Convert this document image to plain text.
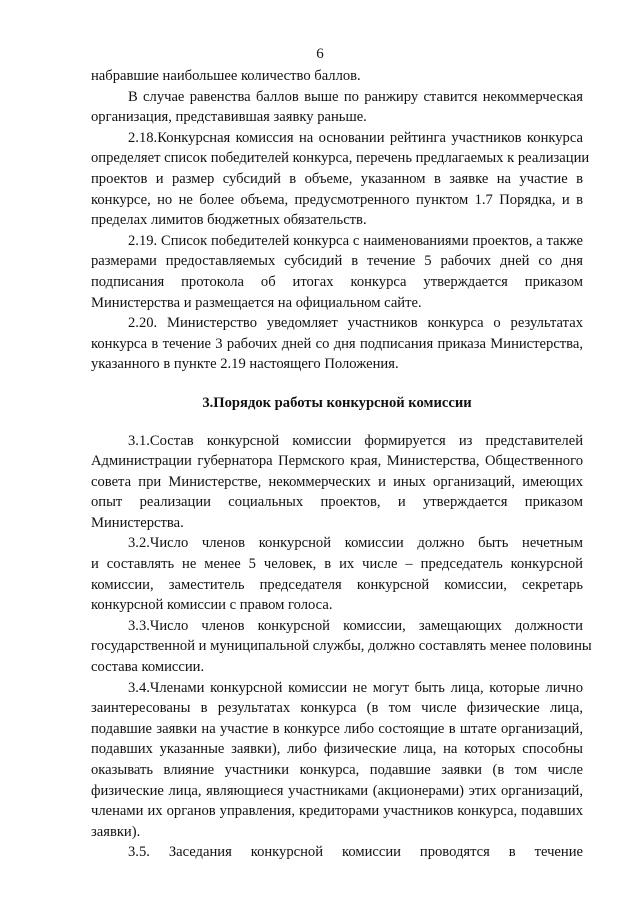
6

набравшие наибольшее количество баллов.

В случае равенства баллов выше по ранжиру ставится некоммерческая
организация, представившая заявку раньше.

2.18.Конкурсная комиссия на основании рейтинга участников конкурса
определяет список победителей конкурса, перечень предлагаемых к реализации
проектов и размер субсидий в объеме, указанном в заявке на участие в
конкурсе, но не более объема, предусмотренного пунктом 1.7 Порядка, и в
пределах лимитов бюджетных обязательств.

2.19. Список победителей конкурса с наименованиями проектов, а также
размерами предоставляемых субсидий в течение 5 рабочих дней со дня
подписания протокола об итогах конкурса утверждается приказом
Министерства и размещается на официальном сайте.

2.20. Министерство уведомляет участников конкурса о результатах
конкурса в течение 3 рабочих дней со дня подписания приказа Министерства,
указанного в пункте 2.19 настоящего Положения.

3.Порядок работы конкурсной комиссии

3.1.Состав конкурсной комиссии формируется из представителей
Администрации губернатора Пермского края, Министерства, Общественного
совета при Министерстве, некоммерческих и иных организаций, имеющих
опыт реализации социальных проектов, и утверждается приказом
Министерства.

3.2.Число членов конкурсной комиссии должно быть нечетным
и составлять не менее 5 человек, в их числе – председатель конкурсной
комиссии, заместитель председателя конкурсной комиссии, секретарь
конкурсной комиссии с правом голоса.

3.3.Число членов конкурсной комиссии, замещающих должности
государственной и муниципальной службы, должно составлять менее половины
состава комиссии.

3.4.Членами конкурсной комиссии не могут быть лица, которые лично
заинтересованы в результатах конкурса (в том числе физические лица,
подавшие заявки на участие в конкурсе либо состоящие в штате организаций,
подавших указанные заявки), либо физические лица, на которых способны
оказывать влияние участники конкурса, подавшие заявки (в том числе
физические лица, являющиеся участниками (акционерами) этих организаций,
членами их органов управления, кредиторами участников конкурса, подавших
заявки).

3.5. Заседания конкурсной комиссии проводятся в течение
